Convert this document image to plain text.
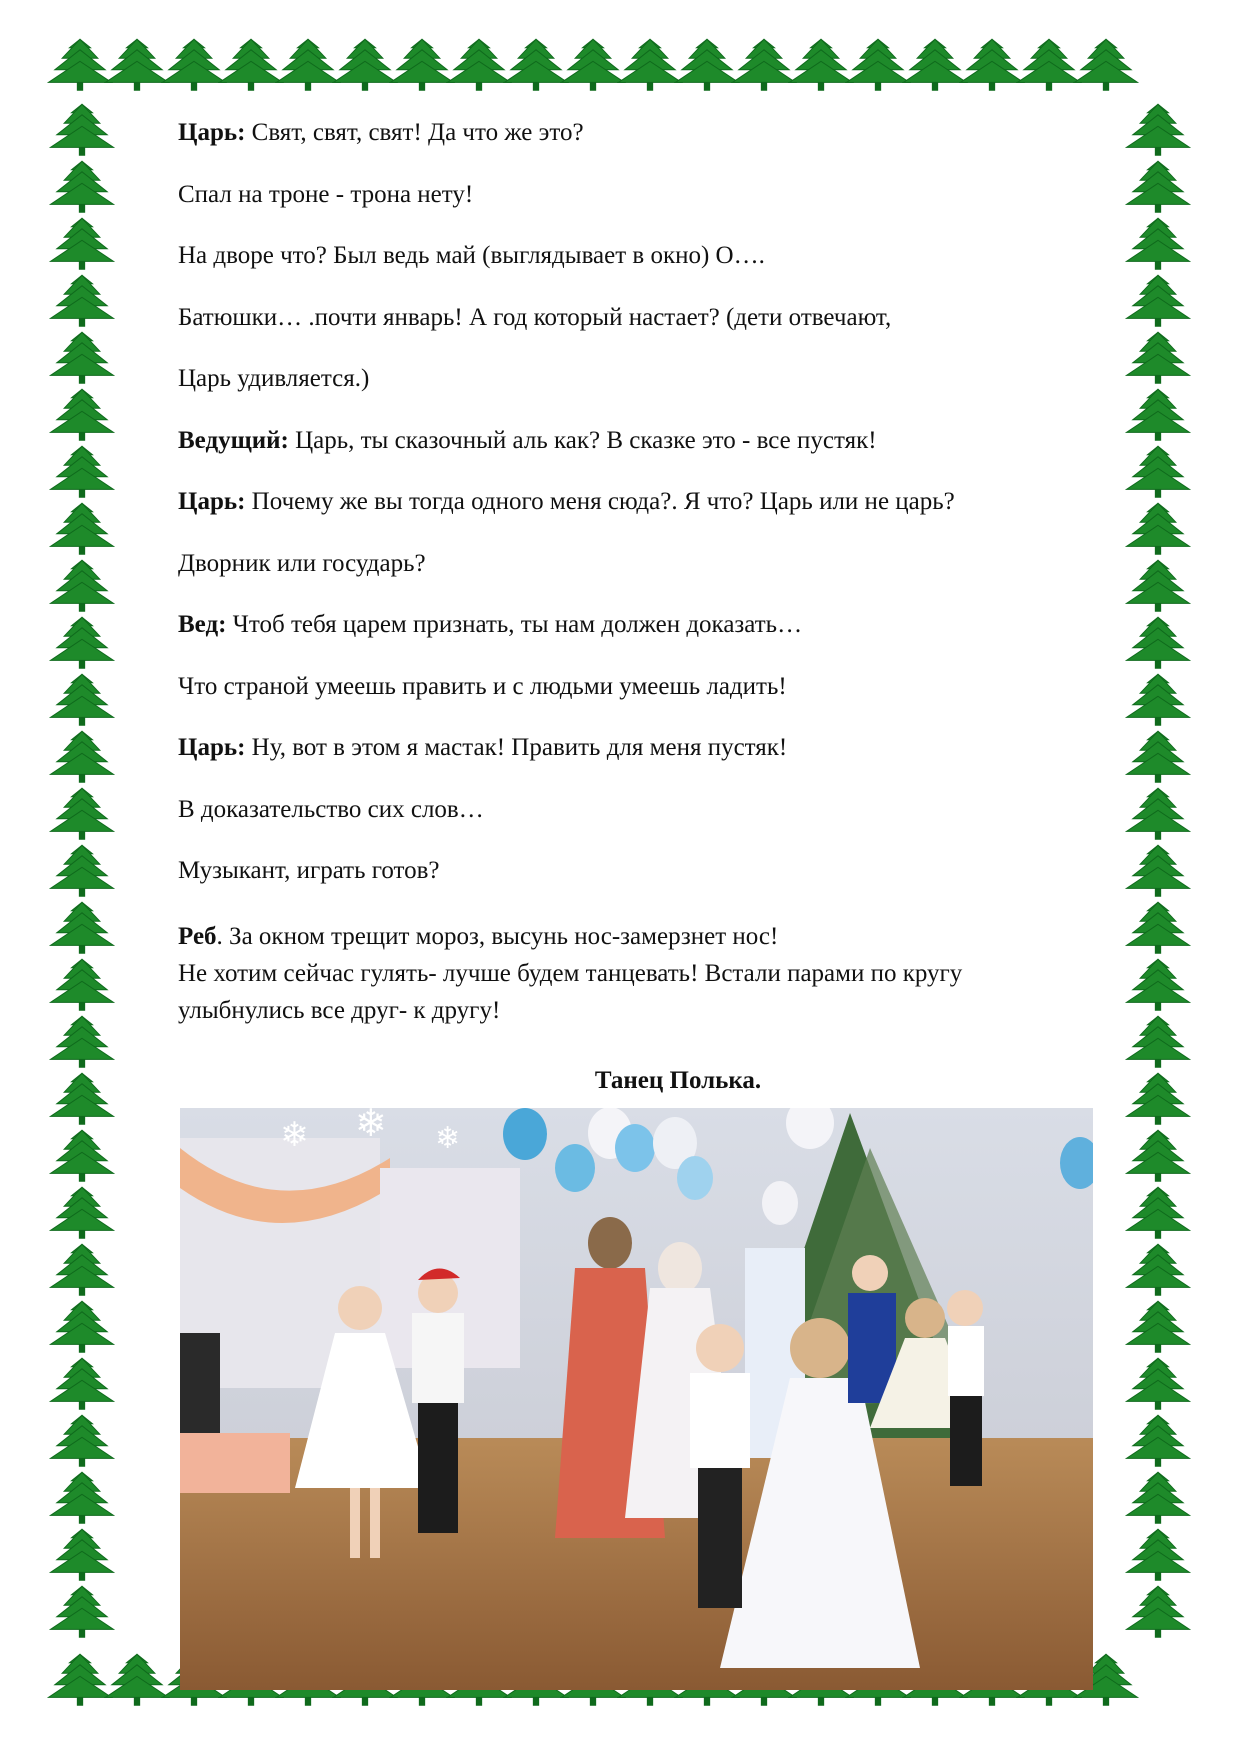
Царь: Свят, свят, свят! Да что же это?

Спал на троне - трона нету!

На дворе что? Был ведь май (выглядывает в окно) О….

Батюшки… .почти январь! А год который настает? (дети отвечают,

Царь удивляется.)

Ведущий: Царь, ты сказочный аль как? В сказке это - все пустяк!

Царь: Почему же вы тогда одного меня сюда?. Я что? Царь или не царь?

Дворник или государь?

Вед: Чтоб тебя царем признать, ты нам должен доказать…

Что страной умеешь править и с людьми умеешь ладить!

Царь: Ну, вот в этом я мастак! Править для меня пустяк!

В доказательство сих слов…

Музыкант, играть готов?

Реб. За окном трещит мороз, высунь нос-замерзнет нос!

Не хотим сейчас гулять- лучше будем танцевать! Встали парами по кругу

улыбнулись все друг- к другу!

Танец Полька.
❄ ❄ ❄
